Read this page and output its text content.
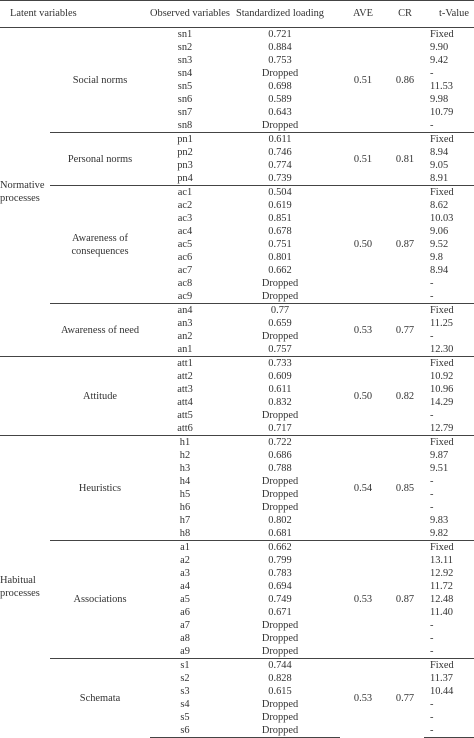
Latent variables		Observed variables	Standardized loading	AVE	CR	t-Value
Normative processes	Social norms	sn1	0.721	0.51	0.86	Fixed
		sn2	0.884			9.90
		sn3	0.753			9.42
		sn4	Dropped			-
		sn5	0.698			11.53
		sn6	0.589			9.98
		sn7	0.643			10.79
		sn8	Dropped			-
	Personal norms	pn1	0.611	0.51	0.81	Fixed
		pn2	0.746			8.94
		pn3	0.774			9.05
		pn4	0.739			8.91
	Awareness of consequences	ac1	0.504	0.50	0.87	Fixed
		ac2	0.619			8.62
		ac3	0.851			10.03
		ac4	0.678			9.06
		ac5	0.751			9.52
		ac6	0.801			9.8
		ac7	0.662			8.94
		ac8	Dropped			-
		ac9	Dropped			-
	Awareness of need	an4	0.77	0.53	0.77	Fixed
		an3	0.659			11.25
		an2	Dropped			-
		an1	0.757			12.30
	Attitude	att1	0.733	0.50	0.82	Fixed
		att2	0.609			10.92
		att3	0.611			10.96
		att4	0.832			14.29
		att5	Dropped			-
		att6	0.717			12.79
Habitual processes	Heuristics	h1	0.722	0.54	0.85	Fixed
		h2	0.686			9.87
		h3	0.788			9.51
		h4	Dropped			-
		h5	Dropped			-
		h6	Dropped			-
		h7	0.802			9.83
		h8	0.681			9.82
	Associations	a1	0.662	0.53	0.87	Fixed
		a2	0.799			13.11
		a3	0.783			12.92
		a4	0.694			11.72
		a5	0.749			12.48
		a6	0.671			11.40
		a7	Dropped			-
		a8	Dropped			-
		a9	Dropped			-
	Schemata	s1	0.744	0.53	0.77	Fixed
		s2	0.828			11.37
		s3	0.615			10.44
		s4	Dropped			-
		s5	Dropped			-
		s6	Dropped			-
